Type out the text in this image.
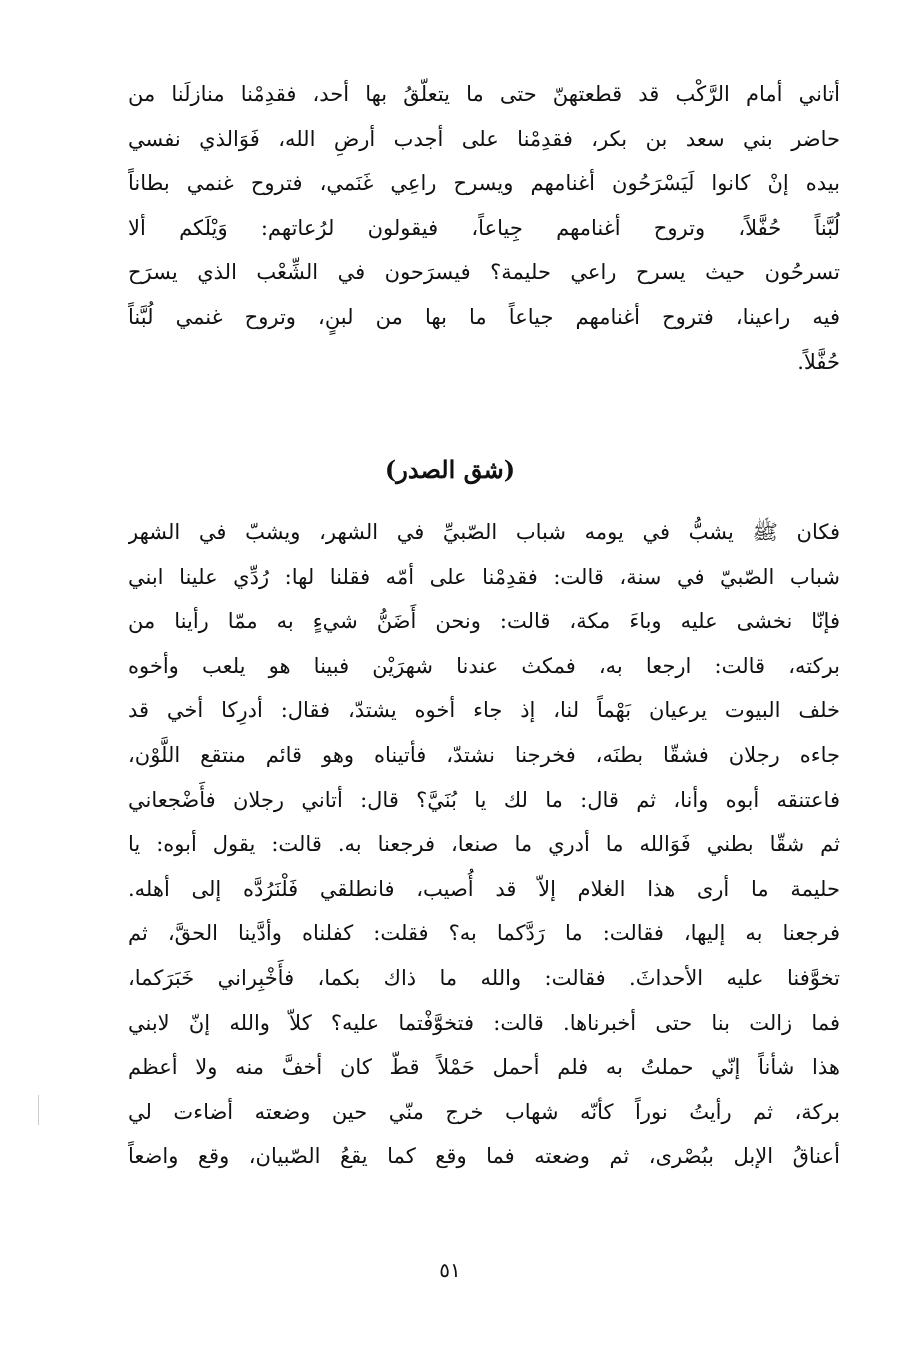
أتاني أمام الرَّكْب قد قطعتهنّ حتى ما يتعلّقُ بها أحد، فقدِمْنا منازلَنا من
حاضر بني سعد بن بكر، فقدِمْنا على أجدب أرضِ الله، فَوَالذي نفسي
بيده إنْ كانوا لَيَسْرَحُون أغنامهم ويسرح راعِي غَنَمي، فتروح غنمي بطاناً
لُبَّناً حُفَّلاً، وتروح أغنامهم جِياعاً، فيقولون لرُعاتهم: وَيْلَكم ألا
تسرحُون حيث يسرح راعي حليمة؟ فيسرَحون في الشِّعْب الذي يسرَح
فيه راعينا، فتروح أغنامهم جياعاً ما بها من لبنٍ، وتروح غنمي لُبَّناً
حُفَّلاً.
(شق الصدر)
فكان ﷺ يشبُّ في يومه شباب الصّبيِّ في الشهر، ويشبّ في الشهر
شباب الصّبيّ في سنة، قالت: فقدِمْنا على أمّه فقلنا لها: رُدِّي علينا ابني
فإنّا نخشى عليه وباءَ مكة، قالت: ونحن أَضَنُّ شيءٍ به ممّا رأينا من
بركته، قالت: ارجعا به، فمكث عندنا شهرَيْن فبينا هو يلعب وأخوه
خلف البيوت يرعيان بَهْماً لنا، إذ جاء أخوه يشتدّ، فقال: أدرِكا أخي قد
جاءه رجلان فشقّا بطنَه، فخرجنا نشتدّ، فأتيناه وهو قائم منتقع اللَّوْن،
فاعتنقه أبوه وأنا، ثم قال: ما لك يا بُنَيَّ؟ قال: أتاني رجلان فأَضْجعاني
ثم شقّا بطني فَوَالله ما أدري ما صنعا، فرجعنا به. قالت: يقول أبوه: يا
حليمة ما أرى هذا الغلام إلاّ قد أُصيب، فانطلقي فَلْنَرُدَّه إلى أهله.
فرجعنا به إليها، فقالت: ما رَدَّكما به؟ فقلت: كفلناه وأدَّينا الحقَّ، ثم
تخوَّفنا عليه الأحداثَ. فقالت: والله ما ذاك بكما، فأَخْبِراني خَبَرَكما،
فما زالت بنا حتى أخبرناها. قالت: فتخوَّفْتما عليه؟ كلاّ والله إنّ لابني
هذا شأناً إنّي حملتُ به فلم أحمل حَمْلاً قطّ كان أخفَّ منه ولا أعظم
بركة، ثم رأيتُ نوراً كأنّه شهاب خرج منّي حين وضعته أضاءت لي
أعناقُ الإبل ببُصْرى، ثم وضعته فما وقع كما يقعُ الصّبيان، وقع واضعاً
٥١
